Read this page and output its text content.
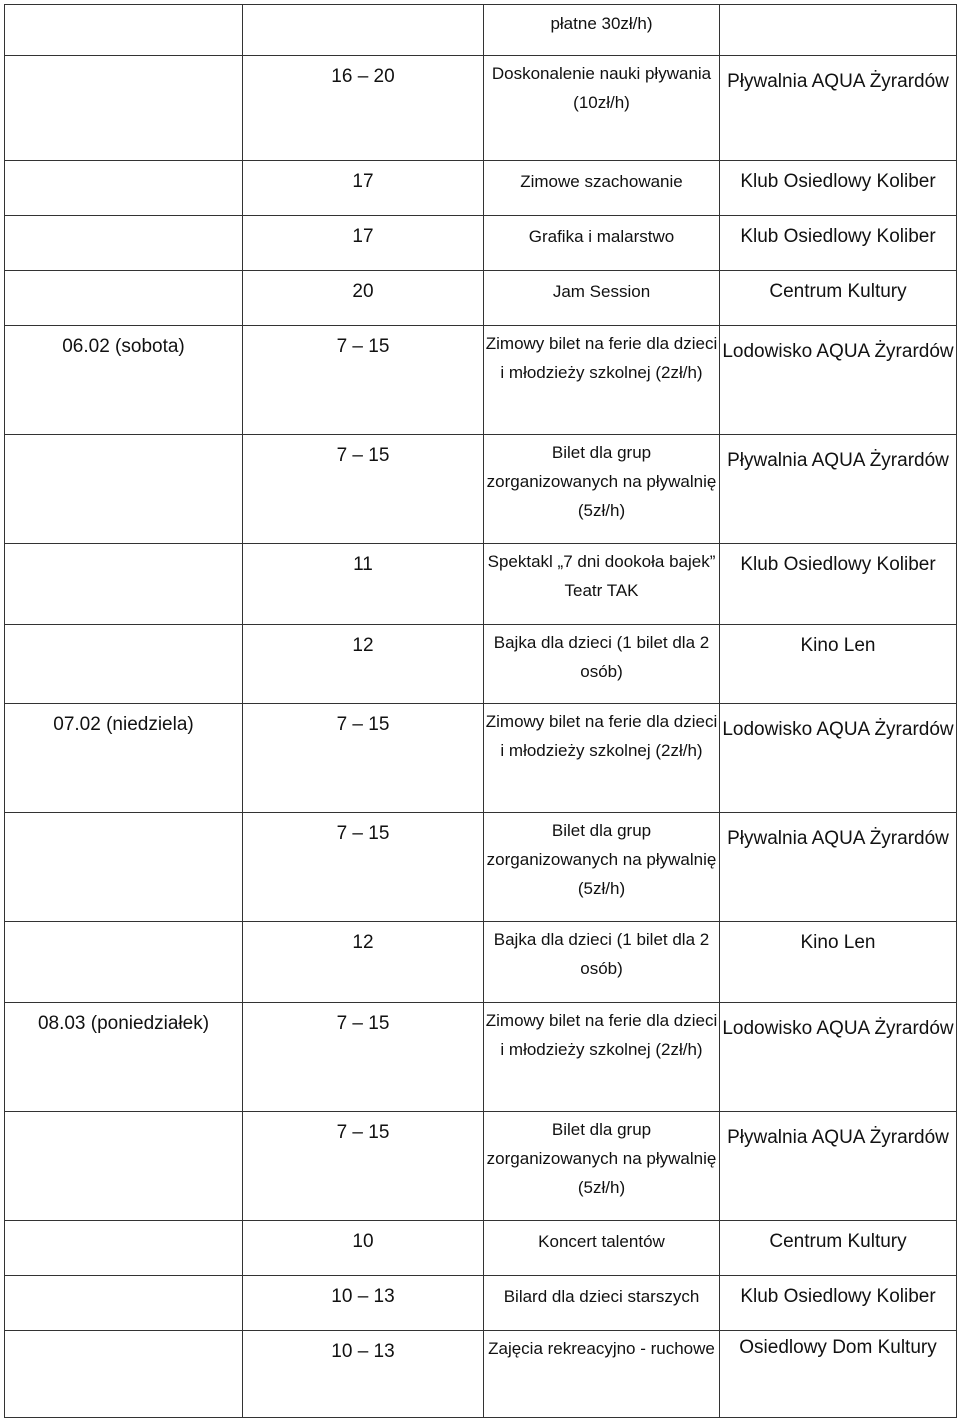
		płatne 30zł/h)	

	16 – 20	Doskonalenie nauki pływania (10zł/h)	Pływalnia AQUA Żyrardów

	17	Zimowe szachowanie	Klub Osiedlowy Koliber

	17	Grafika i malarstwo	Klub Osiedlowy Koliber

	20	Jam Session	Centrum Kultury

06.02 (sobota)	7 – 15	Zimowy bilet na ferie dla dzieci i młodzieży szkolnej (2zł/h)	Lodowisko AQUA Żyrardów

	7 – 15	Bilet dla grup zorganizowanych na pływalnię (5zł/h)	Pływalnia AQUA Żyrardów

	11	Spektakl „7 dni dookoła bajek” Teatr TAK	Klub Osiedlowy Koliber

	12	Bajka dla dzieci (1 bilet dla 2 osób)	Kino Len

07.02 (niedziela)	7 – 15	Zimowy bilet na ferie dla dzieci i młodzieży szkolnej (2zł/h)	Lodowisko AQUA Żyrardów

	7 – 15	Bilet dla grup zorganizowanych na pływalnię (5zł/h)	Pływalnia AQUA Żyrardów

	12	Bajka dla dzieci (1 bilet dla 2 osób)	Kino Len

08.03 (poniedziałek)	7 – 15	Zimowy bilet na ferie dla dzieci i młodzieży szkolnej (2zł/h)	Lodowisko AQUA Żyrardów

	7 – 15	Bilet dla grup zorganizowanych na pływalnię (5zł/h)	Pływalnia AQUA Żyrardów

	10	Koncert talentów	Centrum Kultury

	10 – 13	Bilard dla dzieci starszych	Klub Osiedlowy Koliber

	10 – 13	Zajęcia rekreacyjno - ruchowe	Osiedlowy Dom Kultury
